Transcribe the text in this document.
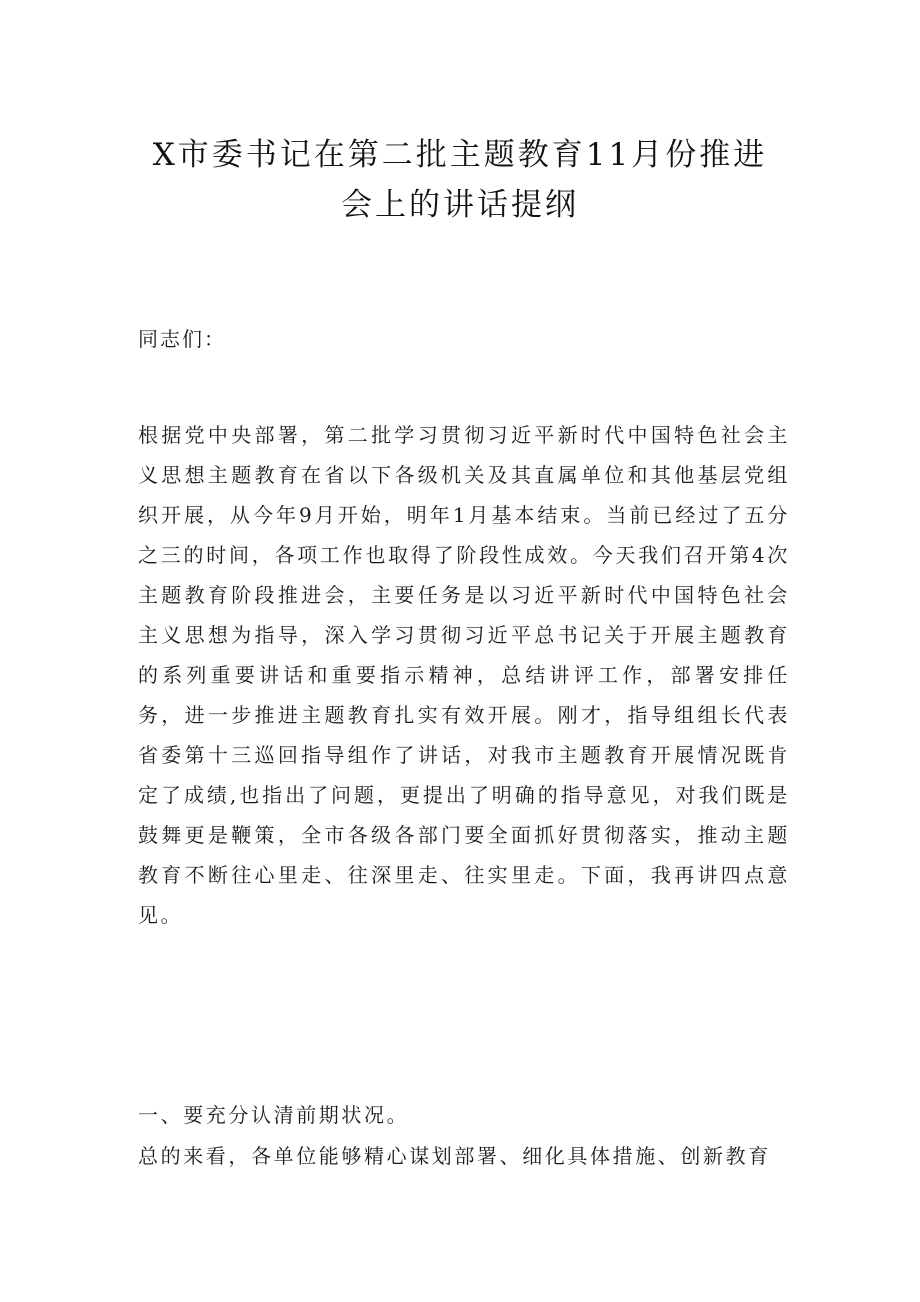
X市委书记在第二批主题教育11月份推进
会上的讲话提纲

同志们：

根据党中央部署，第二批学习贯彻习近平新时代中国特色社会主义思想主题教育在省以下各级机关及其直属单位和其他基层党组织开展，从今年9月开始，明年1月基本结束。当前已经过了五分之三的时间，各项工作也取得了阶段性成效。今天我们召开第4次主题教育阶段推进会，主要任务是以习近平新时代中国特色社会主义思想为指导，深入学习贯彻习近平总书记关于开展主题教育的系列重要讲话和重要指示精神，总结讲评工作，部署安排任务，进一步推进主题教育扎实有效开展。刚才，指导组组长代表省委第十三巡回指导组作了讲话，对我市主题教育开展情况既肯定了成绩,也指出了问题，更提出了明确的指导意见，对我们既是鼓舞更是鞭策，全市各级各部门要全面抓好贯彻落实，推动主题教育不断往心里走、往深里走、往实里走。下面，我再讲四点意见。

一、要充分认清前期状况。

总的来看，各单位能够精心谋划部署、细化具体措施、创新教育
